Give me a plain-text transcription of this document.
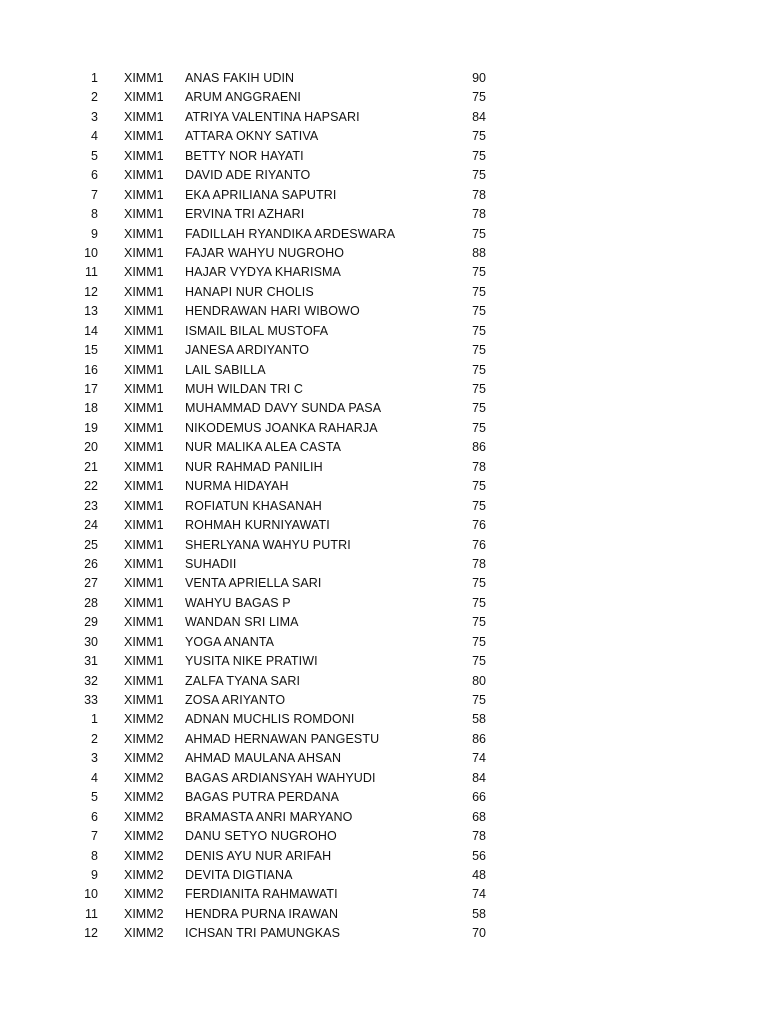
1 XIMM1 ANAS FAKIH UDIN	90
2 XIMM1 ARUM ANGGRAENI	75
3 XIMM1 ATRIYA VALENTINA HAPSARI	84
4 XIMM1 ATTARA OKNY SATIVA	75
5 XIMM1 BETTY NOR HAYATI	75
6 XIMM1 DAVID ADE RIYANTO	75
7 XIMM1 EKA APRILIANA SAPUTRI	78
8 XIMM1 ERVINA TRI AZHARI	78
9 XIMM1 FADILLAH RYANDIKA ARDESWARA	75
10 XIMM1 FAJAR WAHYU NUGROHO	88
11 XIMM1 HAJAR VYDYA KHARISMA	75
12 XIMM1 HANAPI NUR CHOLIS	75
13 XIMM1 HENDRAWAN HARI WIBOWO	75
14 XIMM1 ISMAIL BILAL MUSTOFA	75
15 XIMM1 JANESA ARDIYANTO	75
16 XIMM1 LAIL SABILLA	75
17 XIMM1 MUH WILDAN TRI C	75
18 XIMM1 MUHAMMAD DAVY SUNDA PASA	75
19 XIMM1 NIKODEMUS JOANKA RAHARJA	75
20 XIMM1 NUR MALIKA ALEA CASTA	86
21 XIMM1 NUR RAHMAD PANILIH	78
22 XIMM1 NURMA HIDAYAH	75
23 XIMM1 ROFIATUN KHASANAH	75
24 XIMM1 ROHMAH KURNIYAWATI	76
25 XIMM1 SHERLYANA WAHYU PUTRI	76
26 XIMM1 SUHADII	78
27 XIMM1 VENTA APRIELLA SARI	75
28 XIMM1 WAHYU BAGAS P	75
29 XIMM1 WANDAN SRI LIMA	75
30 XIMM1 YOGA ANANTA	75
31 XIMM1 YUSITA NIKE PRATIWI	75
32 XIMM1 ZALFA TYANA SARI	80
33 XIMM1 ZOSA ARIYANTO	75
1 XIMM2 ADNAN MUCHLIS ROMDONI	58
2 XIMM2 AHMAD HERNAWAN PANGESTU	86
3 XIMM2 AHMAD MAULANA AHSAN	74
4 XIMM2 BAGAS ARDIANSYAH WAHYUDI	84
5 XIMM2 BAGAS PUTRA PERDANA	66
6 XIMM2 BRAMASTA ANRI MARYANO	68
7 XIMM2 DANU SETYO NUGROHO	78
8 XIMM2 DENIS AYU NUR ARIFAH	56
9 XIMM2 DEVITA DIGTIANA	48
10 XIMM2 FERDIANITA RAHMAWATI	74
11 XIMM2 HENDRA PURNA IRAWAN	58
12 XIMM2 ICHSAN TRI PAMUNGKAS	70
